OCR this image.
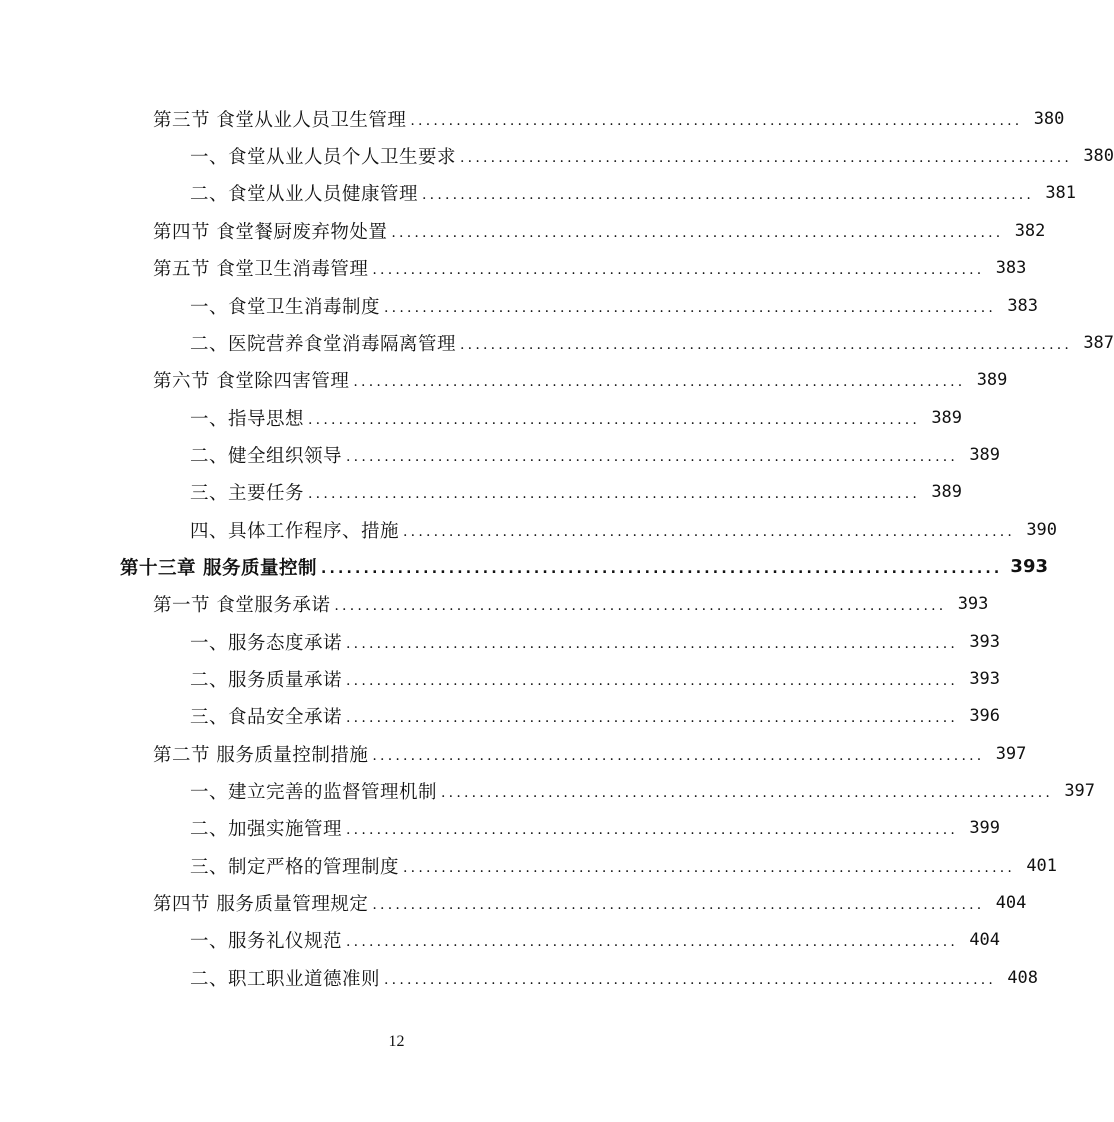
第三节 食堂从业人员卫生管理 ................................................................................ 380
一、食堂从业人员个人卫生要求 ................................................................................ 380
二、食堂从业人员健康管理 ................................................................................ 381
第四节 食堂餐厨废弃物处置 ................................................................................ 382
第五节 食堂卫生消毒管理 ................................................................................ 383
一、食堂卫生消毒制度 ................................................................................ 383
二、医院营养食堂消毒隔离管理 ................................................................................ 387
第六节 食堂除四害管理 ................................................................................ 389
一、指导思想 ................................................................................ 389
二、健全组织领导 ................................................................................ 389
三、主要任务 ................................................................................ 389
四、具体工作程序、措施 ................................................................................ 390
第十三章 服务质量控制 ................................................................................ 393
第一节 食堂服务承诺 ................................................................................ 393
一、服务态度承诺 ................................................................................ 393
二、服务质量承诺 ................................................................................ 393
三、食品安全承诺 ................................................................................ 396
第二节 服务质量控制措施 ................................................................................ 397
一、建立完善的监督管理机制 ................................................................................ 397
二、加强实施管理 ................................................................................ 399
三、制定严格的管理制度 ................................................................................ 401
第四节 服务质量管理规定 ................................................................................ 404
一、服务礼仪规范 ................................................................................ 404
二、职工职业道德准则 ................................................................................ 408
12
